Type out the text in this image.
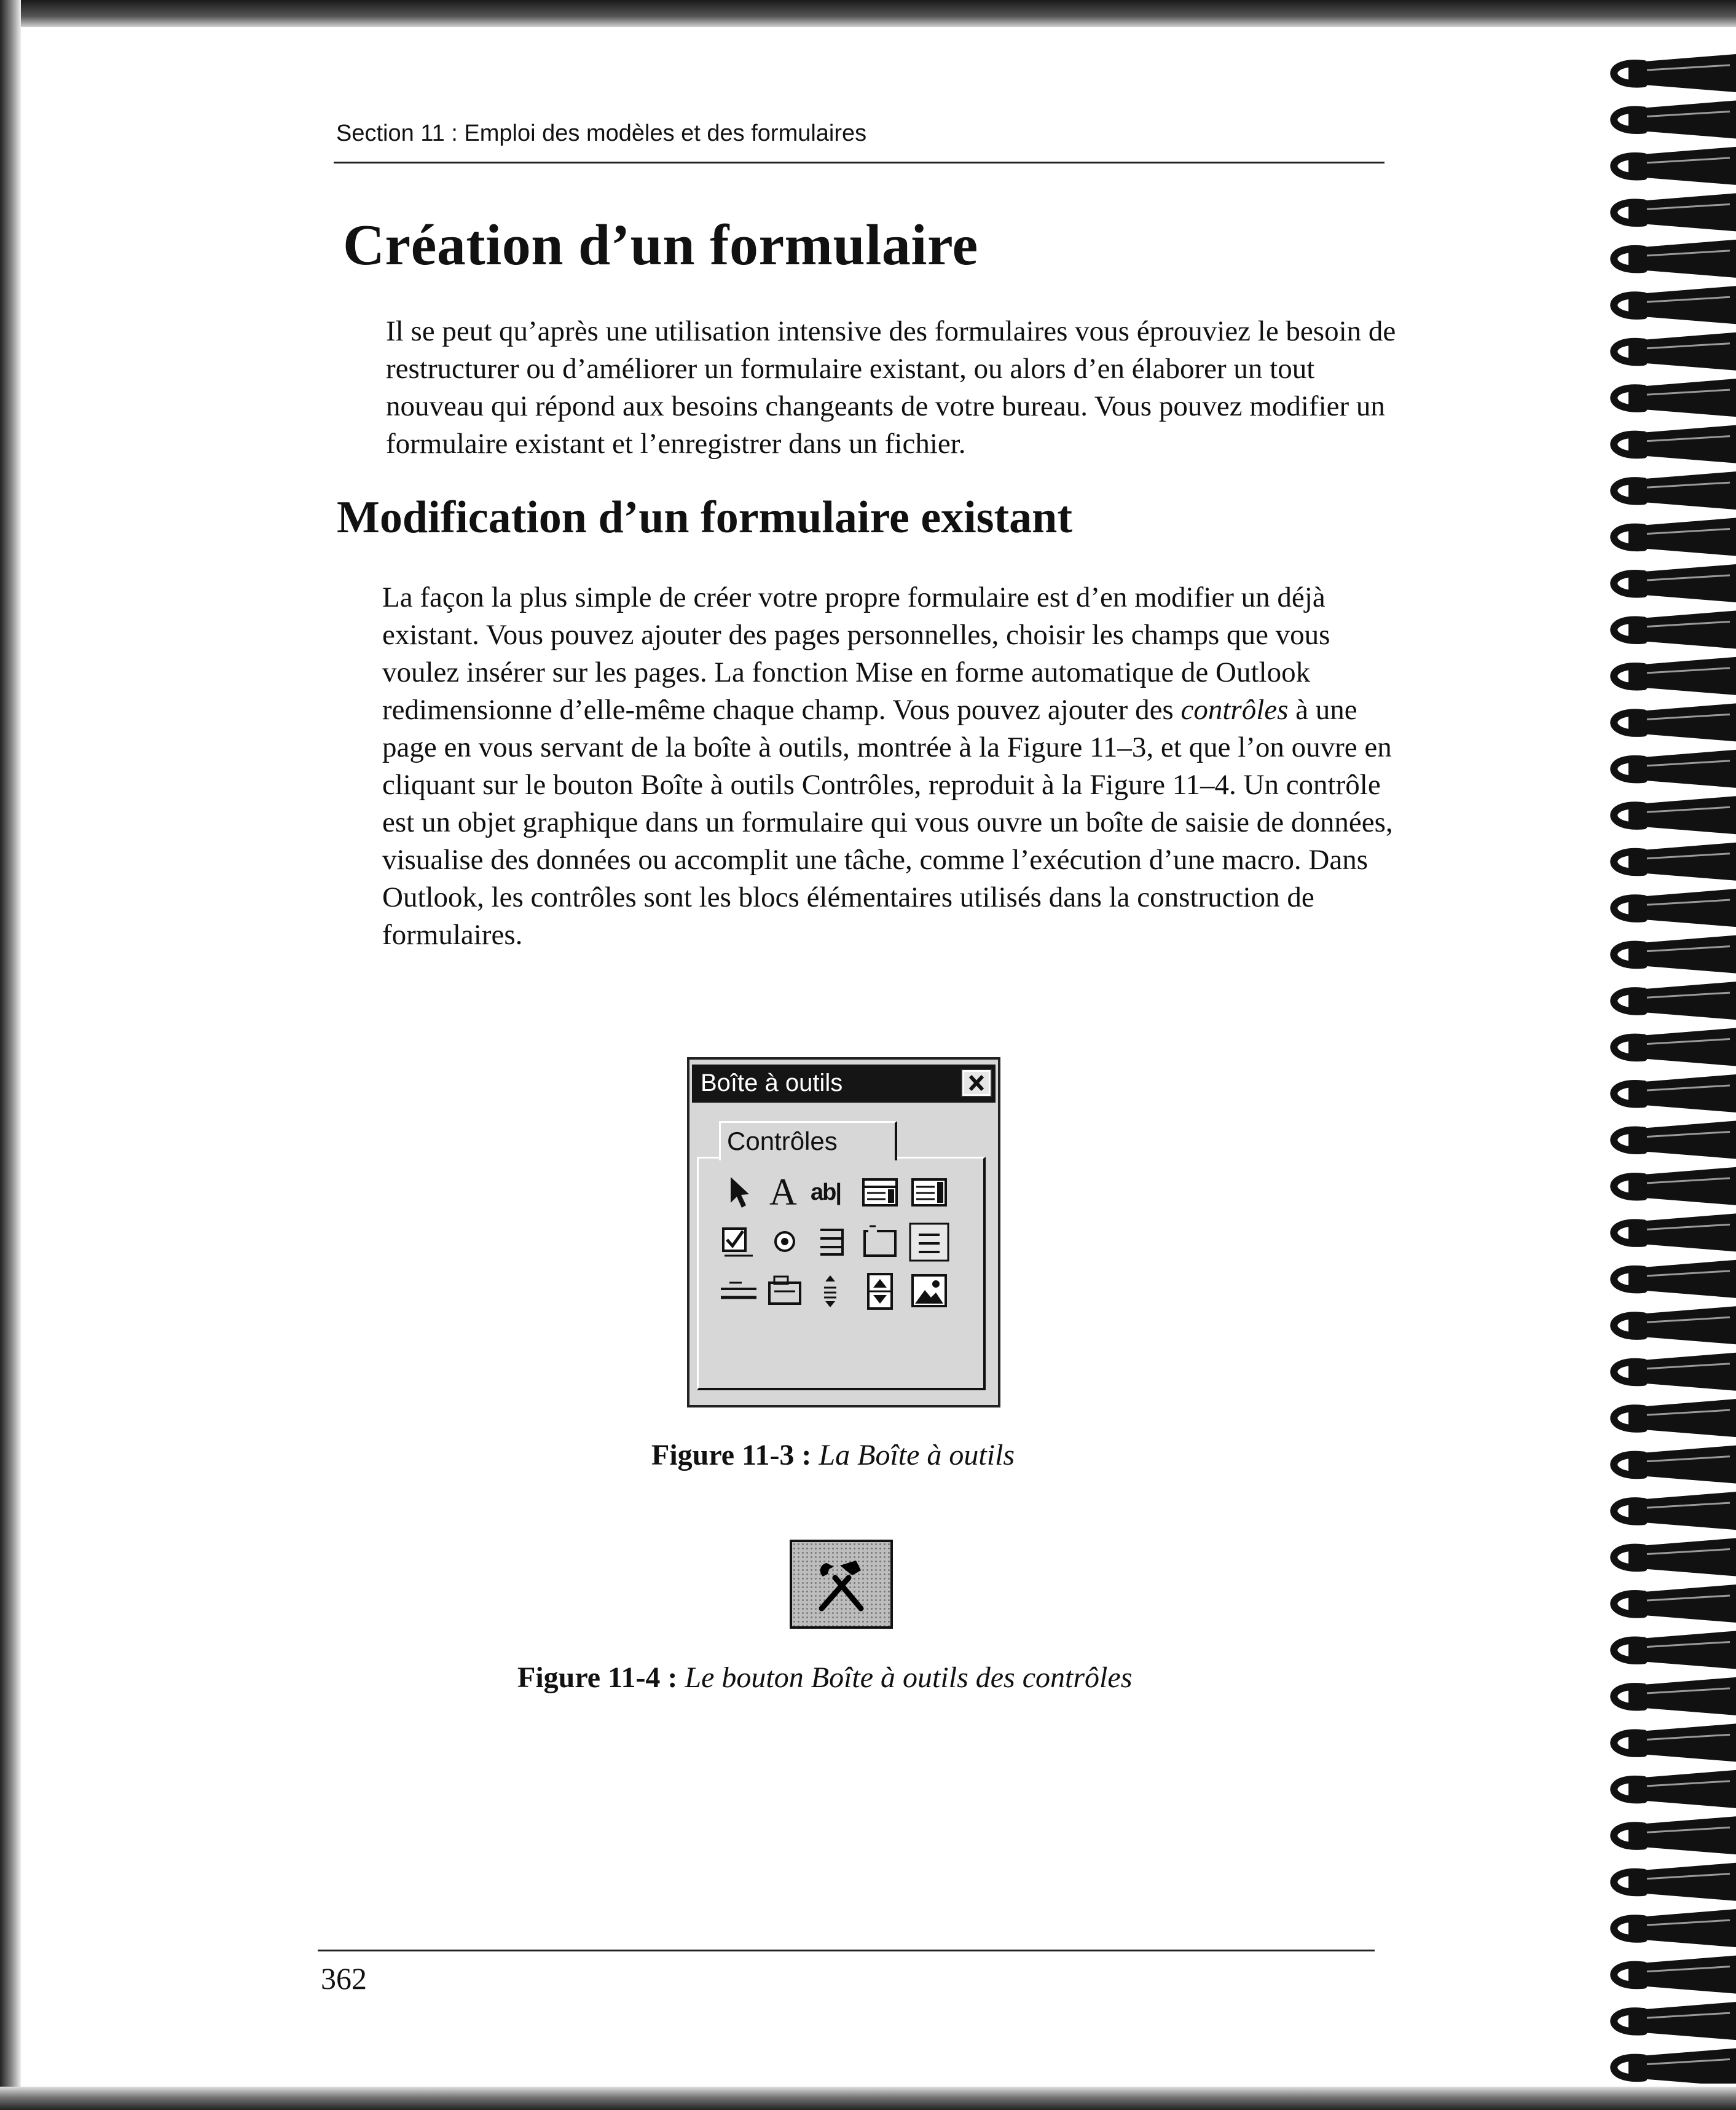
Section 11 : Emploi des modèles et des formulaires
Création d’un formulaire

Il se peut qu’après une utilisation intensive des formulaires vous éprouviez le besoin de restructurer ou d’améliorer un formulaire existant, ou alors d’en élaborer un tout nouveau qui répond aux besoins changeants de votre bureau. Vous pouvez modifier un formulaire existant et l’enregistrer dans un fichier.

Modification d’un formulaire existant

La façon la plus simple de créer votre propre formulaire est d’en modifier un déjà existant. Vous pouvez ajouter des pages personnelles, choisir les champs que vous voulez insérer sur les pages. La fonction Mise en forme automatique de Outlook redimensionne d’elle-même chaque champ. Vous pouvez ajouter des contrôles à une page en vous servant de la boîte à outils, montrée à la Figure 11–3, et que l’on ouvre en cliquant sur le bouton Boîte à outils Contrôles, reproduit à la Figure 11–4. Un contrôle est un objet graphique dans un formulaire qui vous ouvre un boîte de saisie de données, visualise des données ou accomplit une tâche, comme l’exécution d’une macro. Dans Outlook, les contrôles sont les blocs élémentaires utilisés dans la construction de formulaires.

Boîte à outils
Contrôles
A ab|

Figure 11-3 : La Boîte à outils

Figure 11-4 : Le bouton Boîte à outils des contrôles

362
